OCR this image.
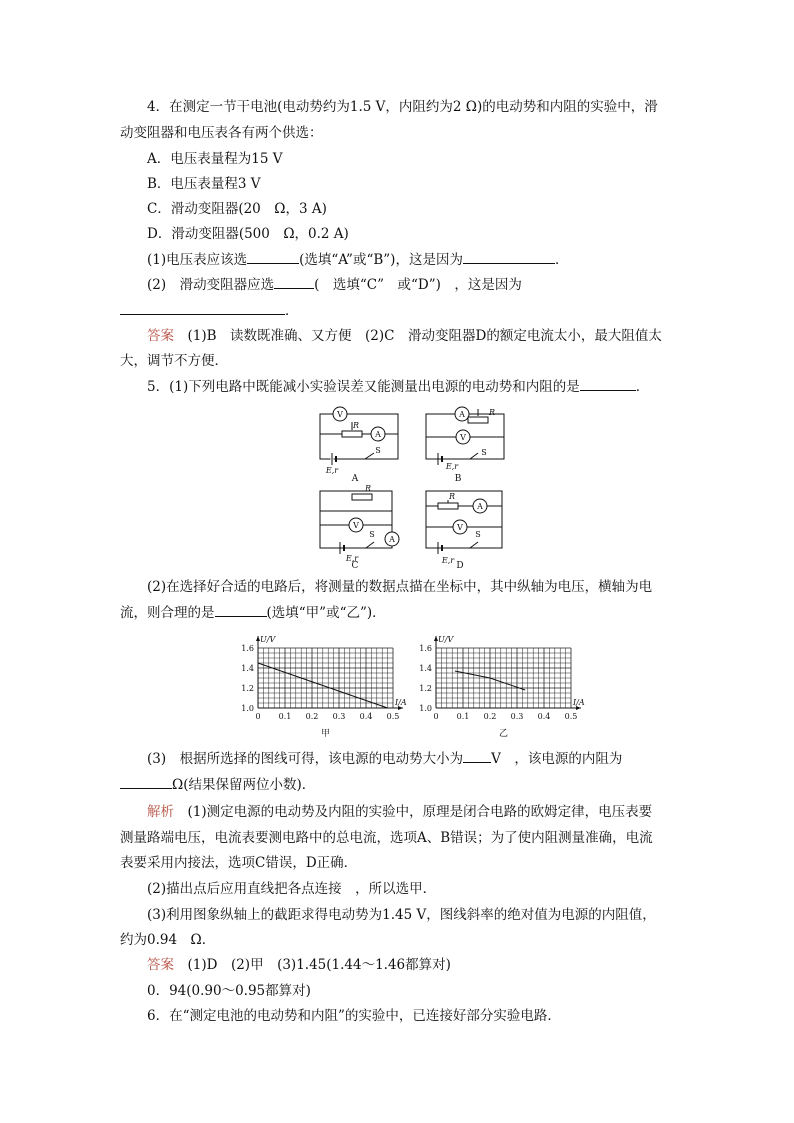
4．在测定一节干电池(电动势约为1.5 V，内阻约为2 Ω)的电动势和内阻的实验中，滑
动变阻器和电压表各有两个供选：
A．电压表量程为15 V
B．电压表量程3 V
C．滑动变阻器(20　Ω，3 A)
D．滑动变阻器(500　Ω，0.2 A)
(1)电压表应该选	(选填“A”或“B”)，这是因为	．
(2)　滑动变阻器应选	(　选填“C”　或“D”)　，这是因为
．
答案　(1)B　读数既准确、又方便　(2)C　滑动变阻器D的额定电流太小，最大阻值太
大，调节不方便．
5．(1)下列电路中既能减小实验误差又能测量出电源的电动势和内阻的是	．
V
A
R
E,r
S
A
A
V
R
E,r
S
B
V
A
R
E,r
S
C
A
V
R
E,r
S
D
(2)在选择好合适的电路后，将测量的数据点描在坐标中，其中纵轴为电压，横轴为电
流，则合理的是	(选填“甲”或“乙”)．
1.6
1.4
1.2
1.0
0 0.1 0.2 0.3 0.4 0.5
U/V
I/A
甲
1.6
1.4
1.2
1.0
0 0.1 0.2 0.3 0.4 0.5
U/V
I/A
乙
(3)　根据所选择的图线可得，该电源的电动势大小为 V　，该电源的内阻为
Ω(结果保留两位小数)．
解析　(1)测定电源的电动势及内阻的实验中，原理是闭合电路的欧姆定律，电压表要
测量路端电压，电流表要测电路中的总电流，选项A、B错误；为了使内阻测量准确，电流
表要采用内接法，选项C错误，D正确．
(2)描出点后应用直线把各点连接　，所以选甲．
(3)利用图象纵轴上的截距求得电动势为1.45 V，图线斜率的绝对值为电源的内阻值，
约为0.94　Ω．
答案　(1)D　(2)甲　(3)1.45(1.44～1.46都算对)
0．94(0.90～0.95都算对)
6．在“测定电池的电动势和内阻”的实验中，已连接好部分实验电路．
